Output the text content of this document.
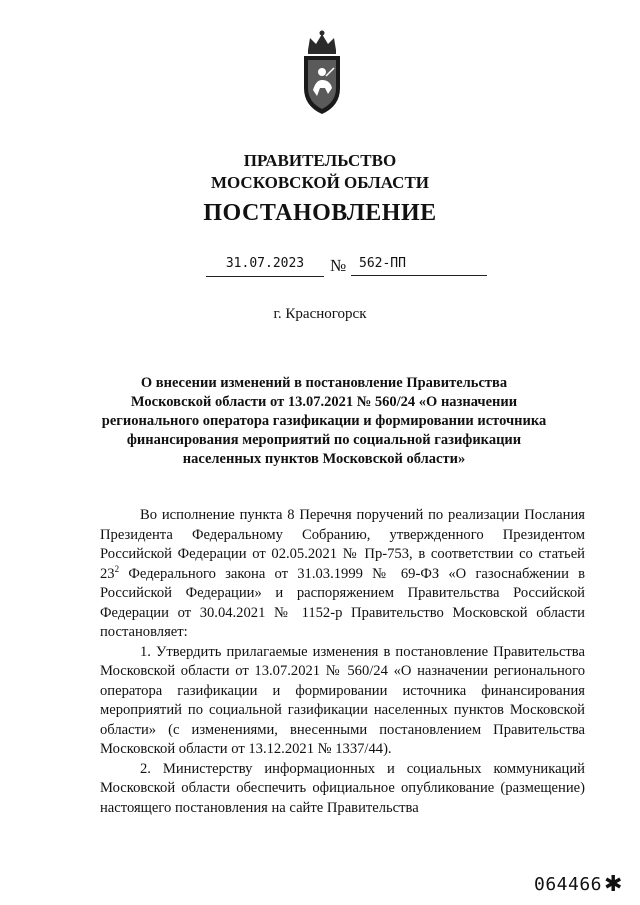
ПРАВИТЕЛЬСТВО
МОСКОВСКОЙ ОБЛАСТИ
ПОСТАНОВЛЕНИЕ
31.07.2023	№ 562-ПП
г. Красногорск
О внесении изменений в постановление Правительства Московской области от 13.07.2021 № 560/24 «О назначении регионального оператора газификации и формировании источника финансирования мероприятий по социальной газификации населенных пунктов Московской области»

Во исполнение пункта 8 Перечня поручений по реализации Послания Президента Федеральному Собранию, утвержденного Президентом Российской Федерации от 02.05.2021 № Пр-753, в соответствии со статьей $23^2$ Федерального закона от 31.03.1999 № 69-ФЗ «О газоснабжении в Российской Федерации» и распоряжением Правительства Российской Федерации от 30.04.2021 № 1152-р Правительство Московской области постановляет:

1. Утвердить прилагаемые изменения в постановление Правительства Московской области от 13.07.2021 № 560/24 «О назначении регионального оператора газификации и формировании источника финансирования мероприятий по социальной газификации населенных пунктов Московской области» (с изменениями, внесенными постановлением Правительства Московской области от 13.12.2021 № 1337/44).

2. Министерству информационных и социальных коммуникаций Московской области обеспечить официальное опубликование (размещение) настоящего постановления на сайте Правительства

064466 ✱
